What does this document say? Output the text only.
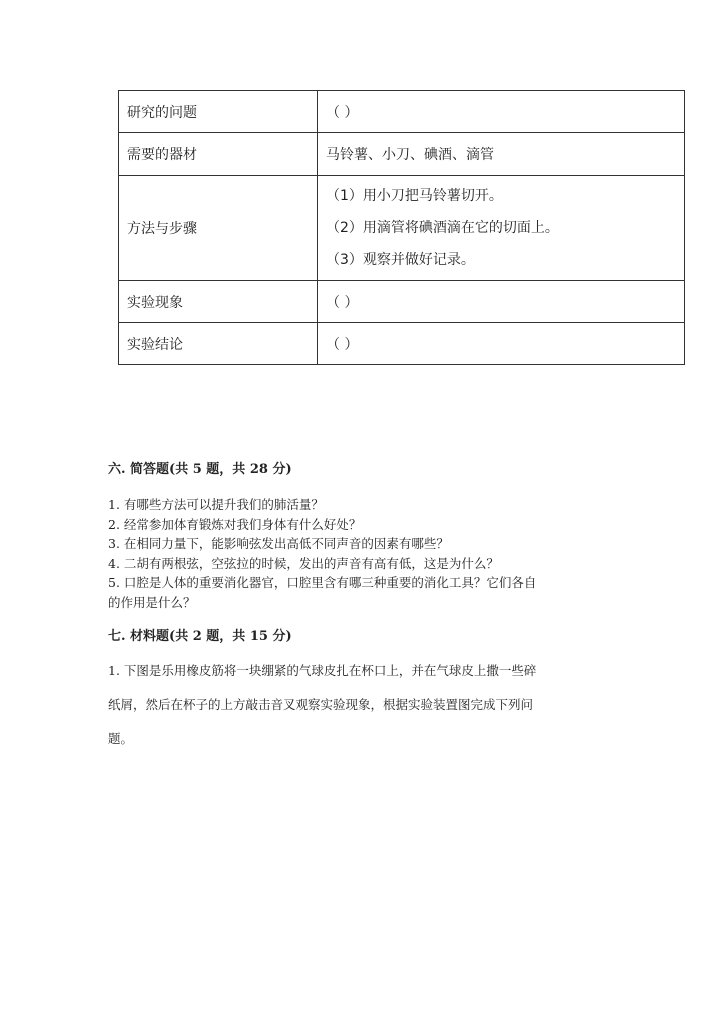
研究的问题	（ ）
需要的器材	马铃薯、小刀、碘酒、滴管
方法与步骤	（1）用小刀把马铃薯切开。

（2）用滴管将碘酒滴在它的切面上。

（3）观察并做好记录。

实验现象	（ ）
实验结论	（ ）
六. 简答题(共 5 题，共 28 分)

1. 有哪些方法可以提升我们的肺活量？

2. 经常参加体育锻炼对我们身体有什么好处？

3. 在相同力量下，能影响弦发出高低不同声音的因素有哪些？

4. 二胡有两根弦，空弦拉的时候，发出的声音有高有低，这是为什么？

5. 口腔是人体的重要消化器官，口腔里含有哪三种重要的消化工具？它们各自

的作用是什么？

七. 材料题(共 2 题，共 15 分)

1. 下图是乐用橡皮筋将一块绷紧的气球皮扎在杯口上，并在气球皮上撒一些碎

纸屑，然后在杯子的上方敲击音叉观察实验现象，根据实验装置图完成下列问

题。
